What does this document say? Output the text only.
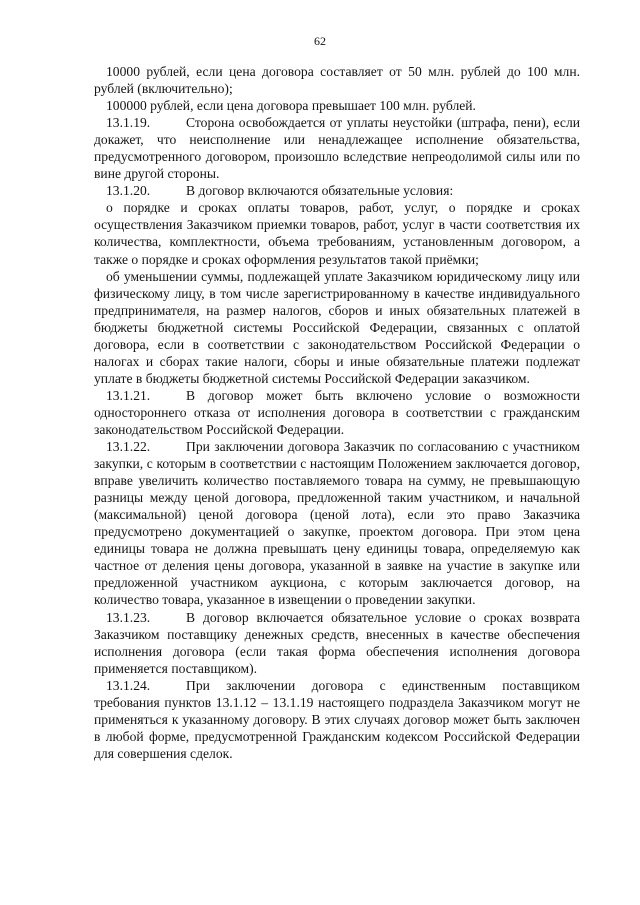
62

10000 рублей, если цена договора составляет от 50 млн. рублей до 100 млн. рублей (включительно);

100000 рублей, если цена договора превышает 100 млн. рублей.

13.1.19.	Сторона освобождается от уплаты неустойки (штрафа, пени), если докажет, что неисполнение или ненадлежащее исполнение обязательства, предусмотренного договором, произошло вследствие непреодолимой силы или по вине другой стороны.

13.1.20.	В договор включаются обязательные условия:

о порядке и сроках оплаты товаров, работ, услуг, о порядке и сроках осуществления Заказчиком приемки товаров, работ, услуг в части соответствия их количества, комплектности, объема требованиям, установленным договором, а также о порядке и сроках оформления результатов такой приёмки;

об уменьшении суммы, подлежащей уплате Заказчиком юридическому лицу или физическому лицу, в том числе зарегистрированному в качестве индивидуального предпринимателя, на размер налогов, сборов и иных обязательных платежей в бюджеты бюджетной системы Российской Федерации, связанных с оплатой договора, если в соответствии с законодательством Российской Федерации о налогах и сборах такие налоги, сборы и иные обязательные платежи подлежат уплате в бюджеты бюджетной системы Российской Федерации заказчиком.

13.1.21.	В договор может быть включено условие о возможности одностороннего отказа от исполнения договора в соответствии с гражданским законодательством Российской Федерации.

13.1.22.	При заключении договора Заказчик по согласованию с участником закупки, с которым в соответствии с настоящим Положением заключается договор, вправе увеличить количество поставляемого товара на сумму, не превышающую разницы между ценой договора, предложенной таким участником, и начальной (максимальной) ценой договора (ценой лота), если это право Заказчика предусмотрено документацией о закупке, проектом договора. При этом цена единицы товара не должна превышать цену единицы товара, определяемую как частное от деления цены договора, указанной в заявке на участие в закупке или предложенной участником аукциона, с которым заключается договор, на количество товара, указанное в извещении о проведении закупки.

13.1.23.	В договор включается обязательное условие о сроках возврата Заказчиком поставщику денежных средств, внесенных в качестве обеспечения исполнения договора (если такая форма обеспечения исполнения договора применяется поставщиком).

13.1.24.	При заключении договора с единственным поставщиком требования пунктов 13.1.12 – 13.1.19 настоящего подраздела Заказчиком могут не применяться к указанному договору. В этих случаях договор может быть заключен в любой форме, предусмотренной Гражданским кодексом Российской Федерации для совершения сделок.
